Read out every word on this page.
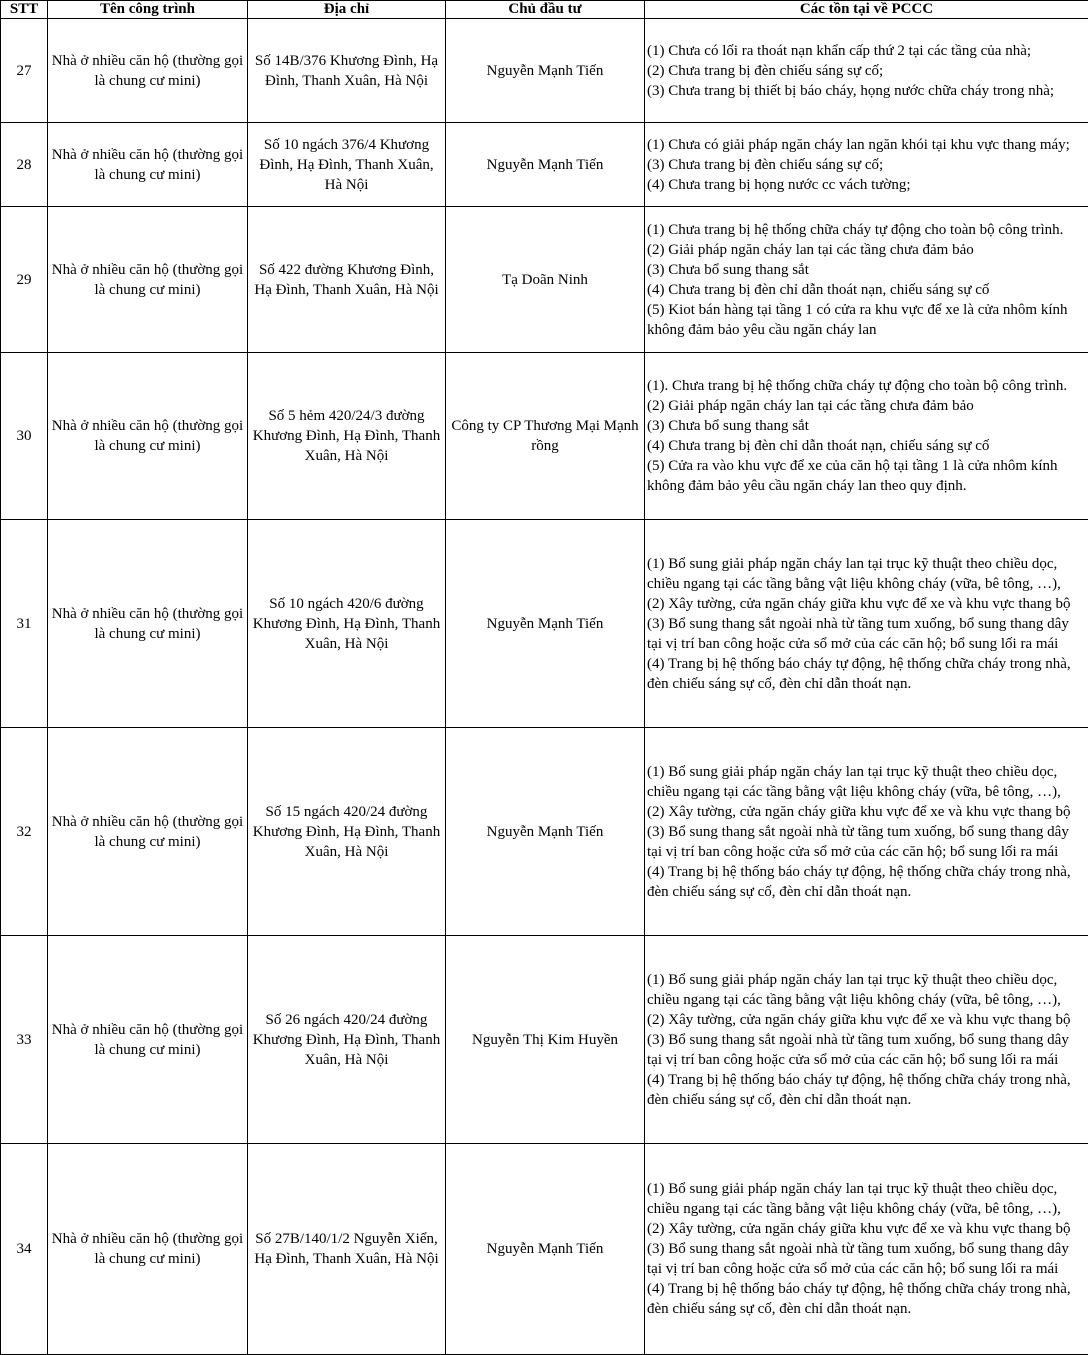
STT	Tên công trình	Địa chỉ	Chủ đầu tư	Các tồn tại về PCCC
27	Nhà ở nhiều căn hộ (thường gọi là chung cư mini)	Số 14B/376 Khương Đình, Hạ Đình, Thanh Xuân, Hà Nội	Nguyễn Mạnh Tiến	(1) Chưa có lối ra thoát nạn khẩn cấp thứ 2 tại các tầng của nhà;
(2) Chưa trang bị đèn chiếu sáng sự cố;
(3) Chưa trang bị thiết bị báo cháy, họng nước chữa cháy trong nhà;

28	Nhà ở nhiều căn hộ (thường gọi là chung cư mini)	Số 10 ngách 376/4 Khương Đình, Hạ Đình, Thanh Xuân, Hà Nội	Nguyễn Mạnh Tiến	(1) Chưa có giải pháp ngăn cháy lan ngăn khói tại khu vực thang máy;
(3) Chưa trang bị đèn chiếu sáng sự cố;
(4) Chưa trang bị họng nước cc vách tường;

29	Nhà ở nhiều căn hộ (thường gọi là chung cư mini)	Số 422 đường Khương Đình, Hạ Đình, Thanh Xuân, Hà Nội	Tạ Doãn Ninh	(1) Chưa trang bị hệ thống chữa cháy tự động cho toàn bộ công trình.
(2) Giải pháp ngăn cháy lan tại các tầng chưa đảm bảo
(3) Chưa bổ sung thang sắt
(4) Chưa trang bị đèn chỉ dẫn thoát nạn, chiếu sáng sự cố
(5) Kiot bán hàng tại tầng 1 có cửa ra khu vực để xe là cửa nhôm kính không đảm bảo yêu cầu ngăn cháy lan

30	Nhà ở nhiều căn hộ (thường gọi là chung cư mini)	Số 5 hẻm 420/24/3 đường Khương Đình, Hạ Đình, Thanh Xuân, Hà Nội	Công ty CP Thương Mại Mạnh rồng	(1). Chưa trang bị hệ thống chữa cháy tự động cho toàn bộ công trình.
(2) Giải pháp ngăn cháy lan tại các tầng chưa đảm bảo
(3) Chưa bổ sung thang sắt
(4) Chưa trang bị đèn chỉ dẫn thoát nạn, chiếu sáng sự cố
(5) Cửa ra vào khu vực để xe của căn hộ tại tầng 1 là cửa nhôm kính không đảm bảo yêu cầu ngăn cháy lan theo quy định.

31	Nhà ở nhiều căn hộ (thường gọi là chung cư mini)	Số 10 ngách 420/6 đường Khương Đình, Hạ Đình, Thanh Xuân, Hà Nội	Nguyễn Mạnh Tiến	(1) Bổ sung giải pháp ngăn cháy lan tại trục kỹ thuật theo chiều dọc, chiều ngang tại các tầng bằng vật liệu không cháy (vữa, bê tông, …),
(2) Xây tường, cửa ngăn cháy giữa khu vực để xe và khu vực thang bộ
(3) Bổ sung thang sắt ngoài nhà từ tầng tum xuống, bổ sung thang dây tại vị trí ban công hoặc cửa sổ mở của các căn hộ; bổ sung lối ra mái
(4) Trang bị hệ thống báo cháy tự động, hệ thống chữa cháy trong nhà, đèn chiếu sáng sự cố, đèn chỉ dẫn thoát nạn.

32	Nhà ở nhiều căn hộ (thường gọi là chung cư mini)	Số 15 ngách 420/24 đường Khương Đình, Hạ Đình, Thanh Xuân, Hà Nội	Nguyễn Mạnh Tiến	(1) Bổ sung giải pháp ngăn cháy lan tại trục kỹ thuật theo chiều dọc, chiều ngang tại các tầng bằng vật liệu không cháy (vữa, bê tông, …),
(2) Xây tường, cửa ngăn cháy giữa khu vực để xe và khu vực thang bộ
(3) Bổ sung thang sắt ngoài nhà từ tầng tum xuống, bổ sung thang dây tại vị trí ban công hoặc cửa sổ mở của các căn hộ; bổ sung lối ra mái
(4) Trang bị hệ thống báo cháy tự động, hệ thống chữa cháy trong nhà, đèn chiếu sáng sự cố, đèn chỉ dẫn thoát nạn.

33	Nhà ở nhiều căn hộ (thường gọi là chung cư mini)	Số 26 ngách 420/24 đường Khương Đình, Hạ Đình, Thanh Xuân, Hà Nội	Nguyễn Thị Kim Huyền	(1) Bổ sung giải pháp ngăn cháy lan tại trục kỹ thuật theo chiều dọc, chiều ngang tại các tầng bằng vật liệu không cháy (vữa, bê tông, …),
(2) Xây tường, cửa ngăn cháy giữa khu vực để xe và khu vực thang bộ
(3) Bổ sung thang sắt ngoài nhà từ tầng tum xuống, bổ sung thang dây tại vị trí ban công hoặc cửa sổ mở của các căn hộ; bổ sung lối ra mái
(4) Trang bị hệ thống báo cháy tự động, hệ thống chữa cháy trong nhà, đèn chiếu sáng sự cố, đèn chỉ dẫn thoát nạn.

34	Nhà ở nhiều căn hộ (thường gọi là chung cư mini)	Số 27B/140/1/2 Nguyễn Xiển, Hạ Đình, Thanh Xuân, Hà Nội	Nguyễn Mạnh Tiến	(1) Bổ sung giải pháp ngăn cháy lan tại trục kỹ thuật theo chiều dọc, chiều ngang tại các tầng bằng vật liệu không cháy (vữa, bê tông, …),
(2) Xây tường, cửa ngăn cháy giữa khu vực để xe và khu vực thang bộ
(3) Bổ sung thang sắt ngoài nhà từ tầng tum xuống, bổ sung thang dây tại vị trí ban công hoặc cửa sổ mở của các căn hộ; bổ sung lối ra mái
(4) Trang bị hệ thống báo cháy tự động, hệ thống chữa cháy trong nhà, đèn chiếu sáng sự cố, đèn chỉ dẫn thoát nạn.
